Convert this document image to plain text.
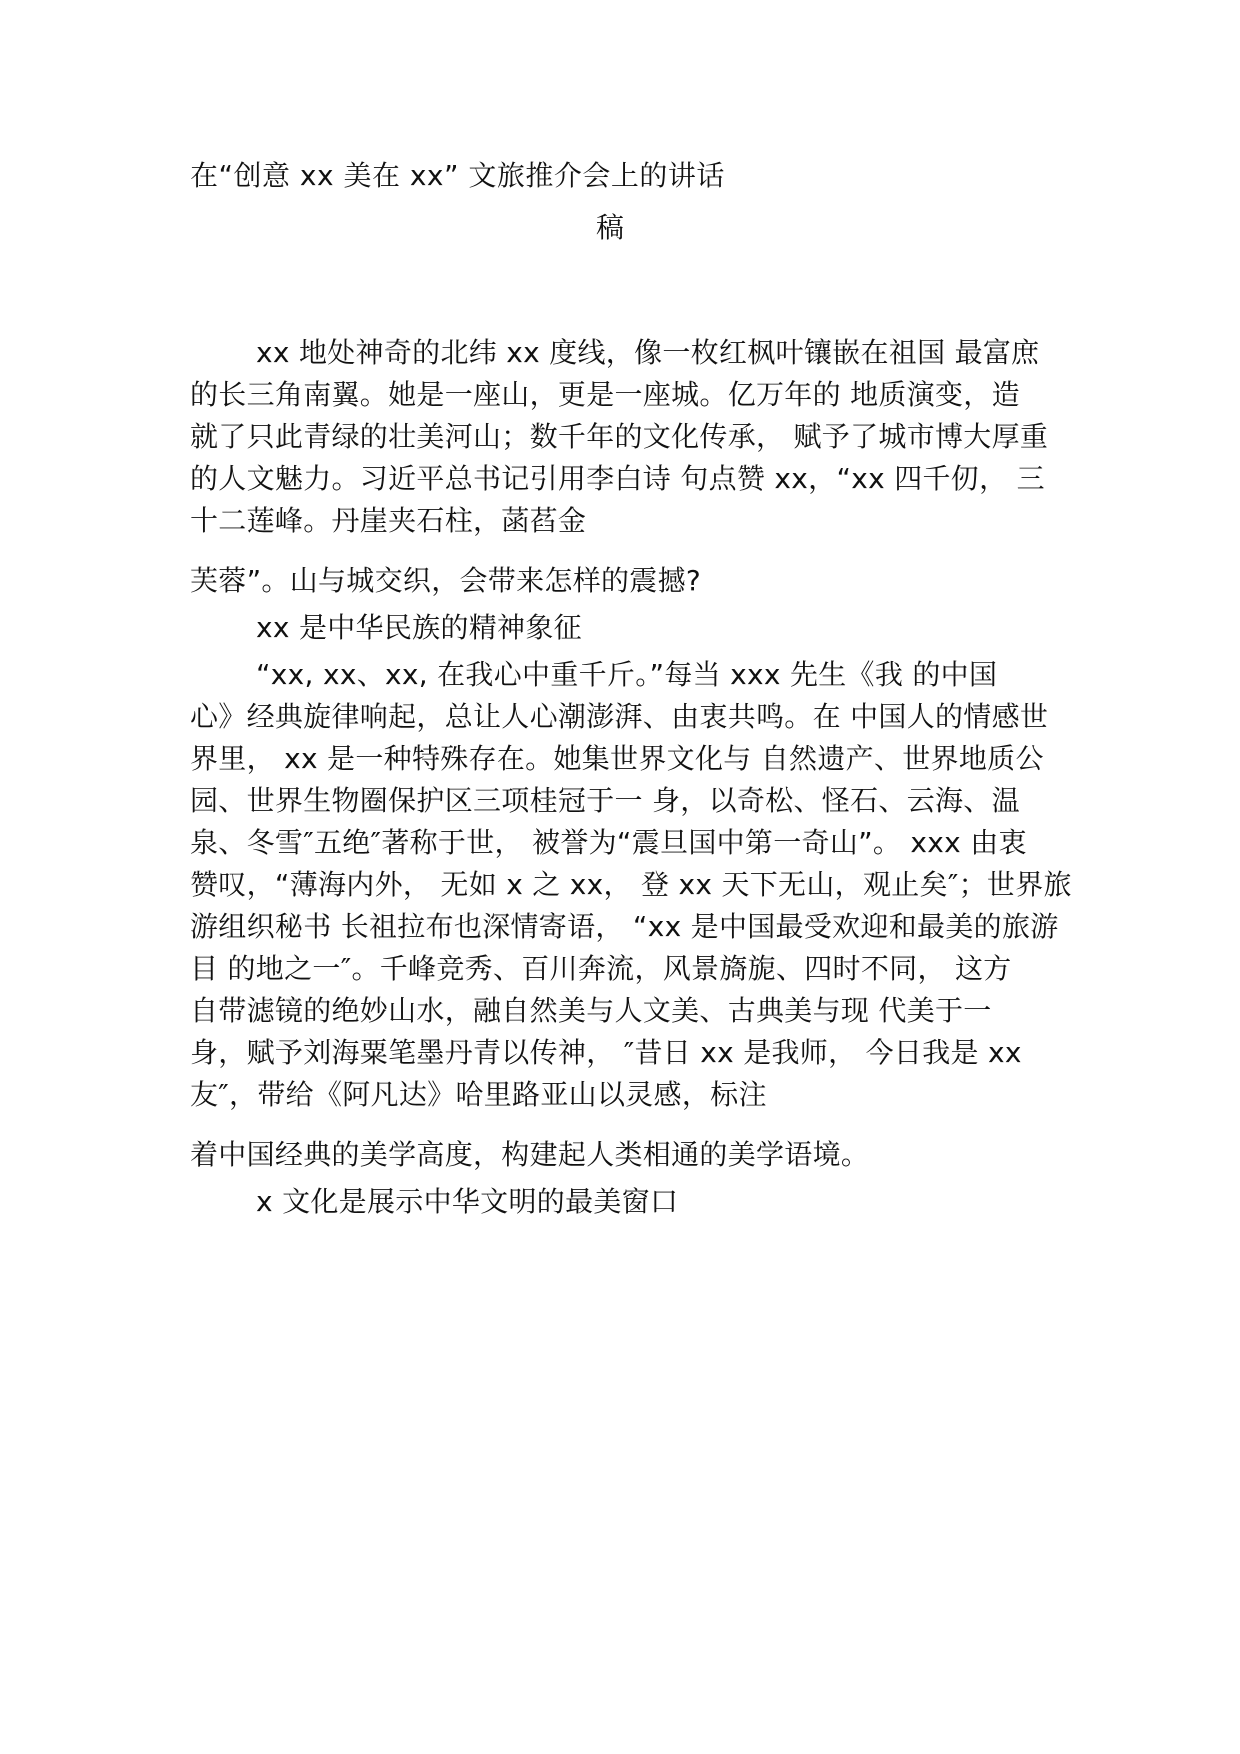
在“创意 xx 美在 xx” 文旅推介会上的讲话
稿
xx 地处神奇的北纬 xx 度线，像一枚红枫叶镶嵌在祖国 最富庶
的长三角南翼。她是一座山，更是一座城。亿万年的 地质演变，造
就了只此青绿的壮美河山；数千年的文化传承， 赋予了城市博大厚重
的人文魅力。习近平总书记引用李白诗 句点赞 xx，“xx 四千仞， 三
十二莲峰。丹崖夹石柱，菡萏金
芙蓉”。山与城交织，会带来怎样的震撼?
xx 是中华民族的精神象征
“xx, xx、xx, 在我心中重千斤。”每当 xxx 先生《我 的中国
心》经典旋律响起，总让人心潮澎湃、由衷共鸣。在 中国人的情感世
界里， xx 是一种特殊存在。她集世界文化与 自然遗产、世界地质公
园、世界生物圈保护区三项桂冠于一 身，以奇松、怪石、云海、温
泉、冬雪″五绝″著称于世， 被誉为“震旦国中第一奇山”。 xxx 由衷
赞叹，“薄海内外， 无如 x 之 xx， 登 xx 天下无山，观止矣″；世界旅
游组织秘书 长祖拉布也深情寄语， “xx 是中国最受欢迎和最美的旅游
目 的地之一″。千峰竞秀、百川奔流，风景旖旎、四时不同， 这方
自带滤镜的绝妙山水，融自然美与人文美、古典美与现 代美于一
身，赋予刘海粟笔墨丹青以传神， ″昔日 xx 是我师， 今日我是 xx
友″，带给《阿凡达》哈里路亚山以灵感，标注
着中国经典的美学高度，构建起人类相通的美学语境。
x 文化是展示中华文明的最美窗口
